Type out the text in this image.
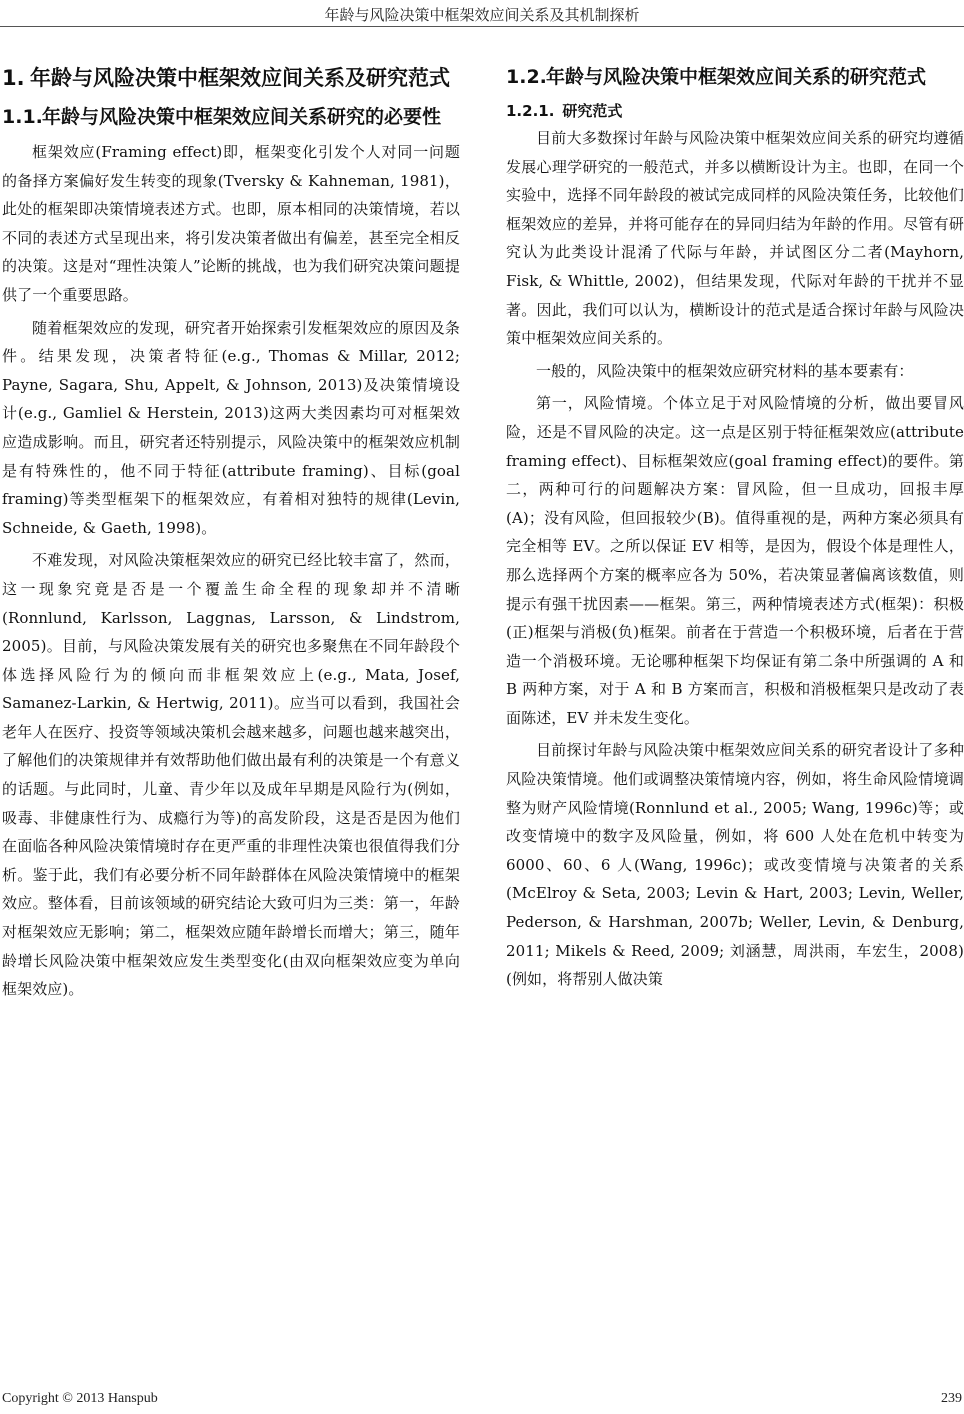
年龄与风险决策中框架效应间关系及其机制探析
1. 年龄与风险决策中框架效应间关系及研究范式
1.1. 年龄与风险决策中框架效应间关系研究的必要性

框架效应(Framing effect)即，框架变化引发个人对同一问题的备择方案偏好发生转变的现象(Tversky & Kahneman, 1981)，此处的框架即决策情境表述方式。也即，原本相同的决策情境，若以不同的表述方式呈现出来，将引发决策者做出有偏差，甚至完全相反的决策。这是对“理性决策人”论断的挑战，也为我们研究决策问题提供了一个重要思路。

随着框架效应的发现，研究者开始探索引发框架效应的原因及条件。结果发现，决策者特征(e.g., Thomas & Millar, 2012; Payne, Sagara, Shu, Appelt, & Johnson, 2013)及决策情境设计(e.g., Gamliel & Herstein, 2013)这两大类因素均可对框架效应造成影响。而且，研究者还特别提示，风险决策中的框架效应机制是有特殊性的，他不同于特征(attribute framing)、目标(goal framing)等类型框架下的框架效应，有着相对独特的规律(Levin, Schneide, & Gaeth, 1998)。

不难发现，对风险决策框架效应的研究已经比较丰富了，然而，这一现象究竟是否是一个覆盖生命全程的现象却并不清晰(Ronnlund, Karlsson, Laggnas, Larsson, & Lindstrom, 2005)。目前，与风险决策发展有关的研究也多聚焦在不同年龄段个体选择风险行为的倾向而非框架效应上(e.g., Mata, Josef, Samanez-Larkin, & Hertwig, 2011)。应当可以看到，我国社会老年人在医疗、投资等领域决策机会越来越多，问题也越来越突出，了解他们的决策规律并有效帮助他们做出最有利的决策是一个有意义的话题。与此同时，儿童、青少年以及成年早期是风险行为(例如，吸毒、非健康性行为、成瘾行为等)的高发阶段，这是否是因为他们在面临各种风险决策情境时存在更严重的非理性决策也很值得我们分析。鉴于此，我们有必要分析不同年龄群体在风险决策情境中的框架效应。整体看，目前该领域的研究结论大致可归为三类：第一，年龄对框架效应无影响；第二，框架效应随年龄增长而增大；第三，随年龄增长风险决策中框架效应发生类型变化(由双向框架效应变为单向框架效应)。

1.2. 年龄与风险决策中框架效应间关系的研究范式
1.2.1. 研究范式

目前大多数探讨年龄与风险决策中框架效应间关系的研究均遵循发展心理学研究的一般范式，并多以横断设计为主。也即，在同一个实验中，选择不同年龄段的被试完成同样的风险决策任务，比较他们框架效应的差异，并将可能存在的异同归结为年龄的作用。尽管有研究认为此类设计混淆了代际与年龄，并试图区分二者(Mayhorn, Fisk, & Whittle, 2002)，但结果发现，代际对年龄的干扰并不显著。因此，我们可以认为，横断设计的范式是适合探讨年龄与风险决策中框架效应间关系的。

一般的，风险决策中的框架效应研究材料的基本要素有：

第一，风险情境。个体立足于对风险情境的分析，做出要冒风险，还是不冒风险的决定。这一点是区别于特征框架效应(attribute framing effect)、目标框架效应(goal framing effect)的要件。第二，两种可行的问题解决方案：冒风险，但一旦成功，回报丰厚(A)；没有风险，但回报较少(B)。值得重视的是，两种方案必须具有完全相等 EV。之所以保证 EV 相等，是因为，假设个体是理性人，那么选择两个方案的概率应各为 50%，若决策显著偏离该数值，则提示有强干扰因素——框架。第三，两种情境表述方式(框架)：积极(正)框架与消极(负)框架。前者在于营造一个积极环境，后者在于营造一个消极环境。无论哪种框架下均保证有第二条中所强调的 A 和 B 两种方案，对于 A 和 B 方案而言，积极和消极框架只是改动了表面陈述，EV 并未发生变化。

目前探讨年龄与风险决策中框架效应间关系的研究者设计了多种风险决策情境。他们或调整决策情境内容，例如，将生命风险情境调整为财产风险情境(Ronnlund et al., 2005; Wang, 1996c)等；或改变情境中的数字及风险量，例如，将 600 人处在危机中转变为 6000、60、6 人(Wang, 1996c)；或改变情境与决策者的关系(McElroy & Seta, 2003; Levin & Hart, 2003; Levin, Weller, Pederson, & Harshman, 2007b; Weller, Levin, & Denburg, 2011; Mikels & Reed, 2009; 刘涵慧，周洪雨，车宏生，2008) (例如，将帮别人做决策

Copyright © 2013 Hanspub	239
